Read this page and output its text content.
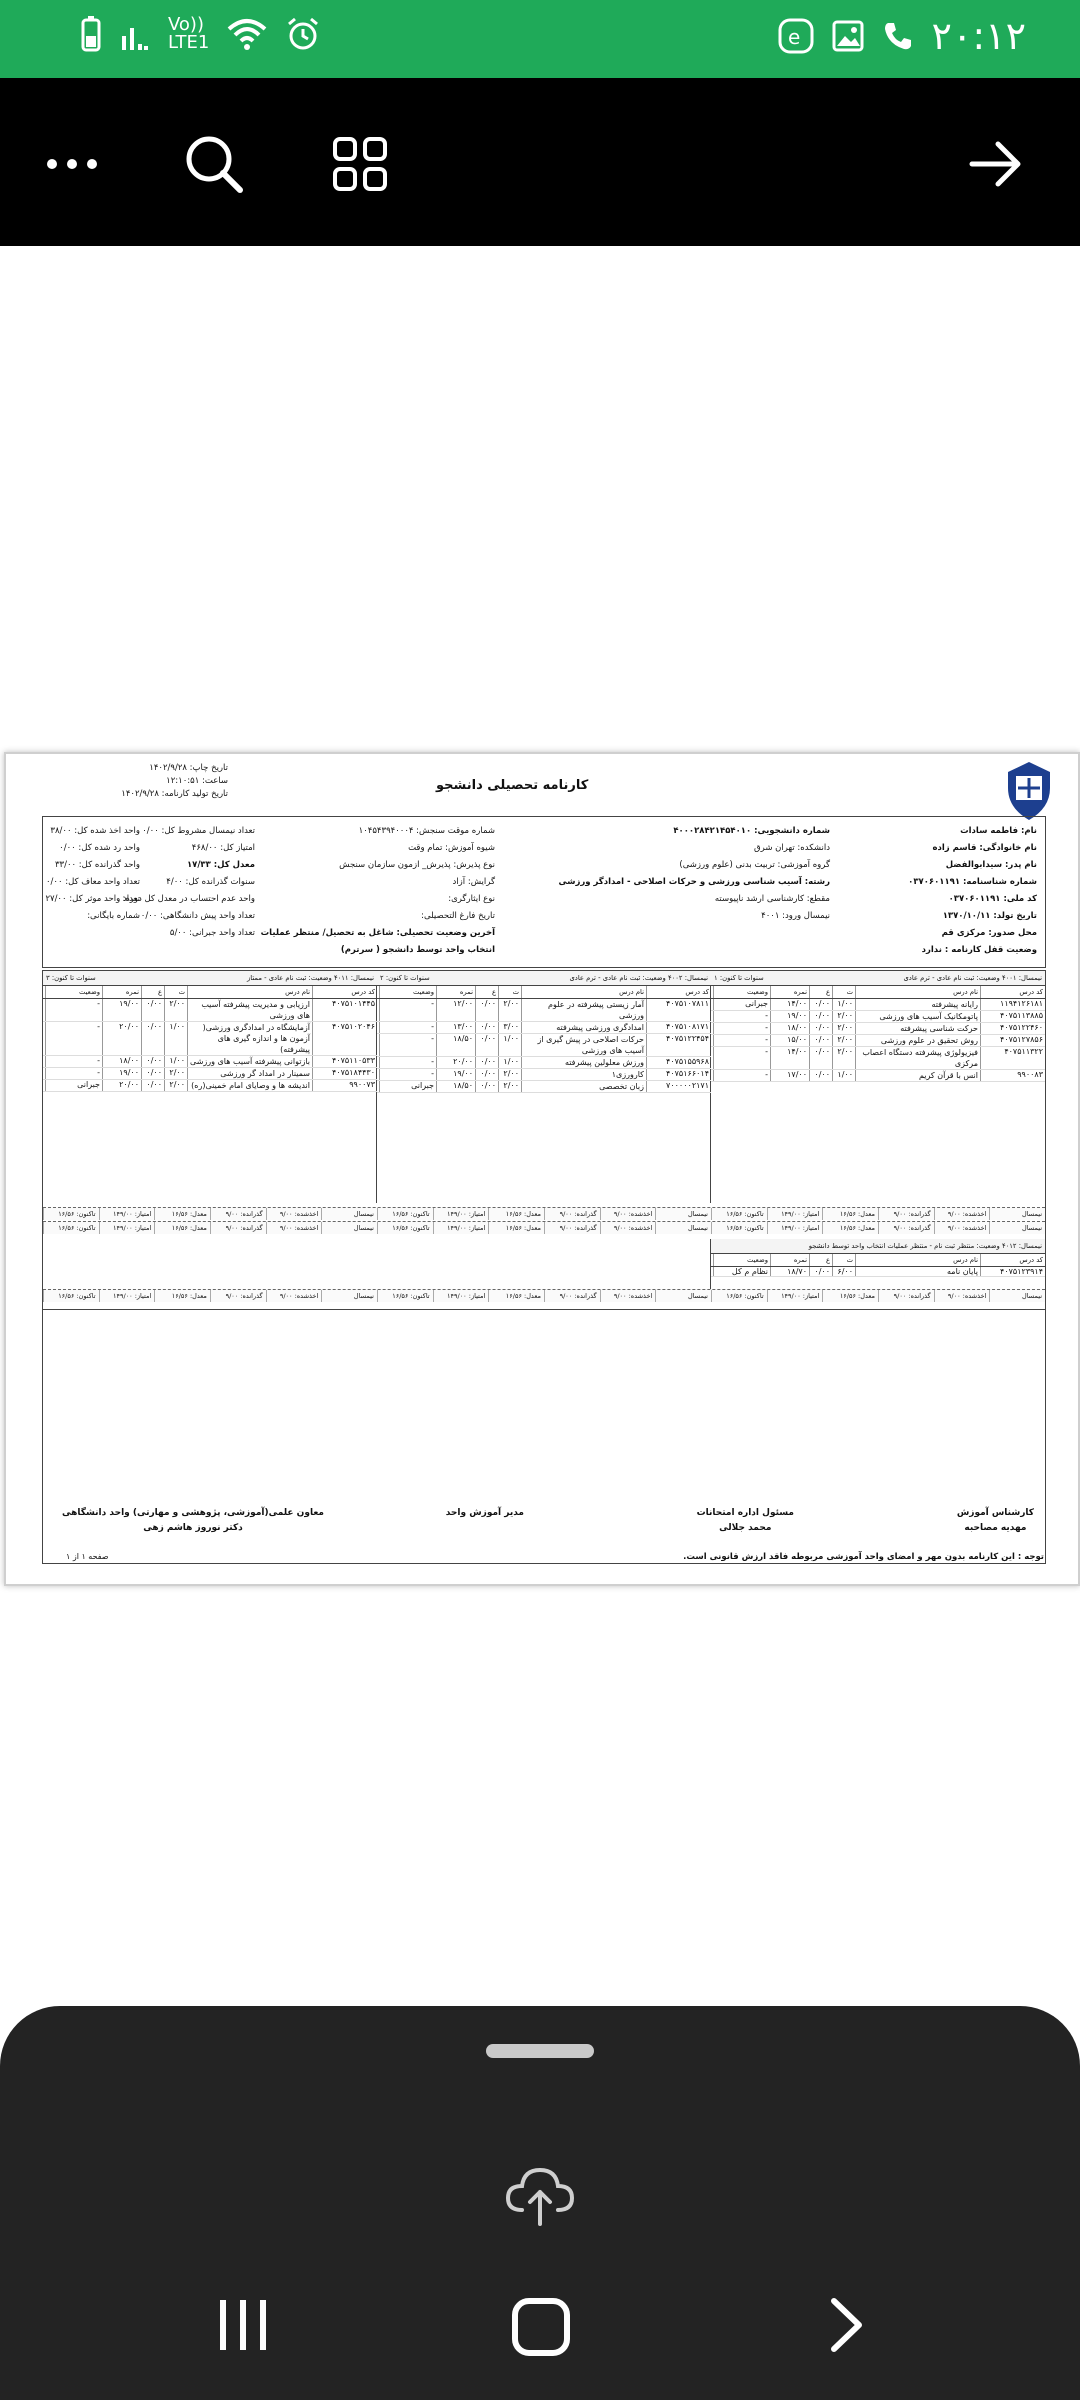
Vo))
LTE1	e	۲۰:۱۲
کارنامه تحصیلی دانشجو
تاریخ چاپ: ۱۴۰۲/۹/۲۸
ساعت: ۱۲:۱۰:۵۱
تاریخ تولید کارنامه: ۱۴۰۲/۹/۲۸
نام: فاطمه سادات
نام خانوادگی: قاسم زاده
نام پدر: سیدابوالفضل
شماره شناسنامه: ۰۳۷۰۶۰۱۱۹۱
کد ملی: ۰۳۷۰۶۰۱۱۹۱
تاریخ تولد: ۱۳۷۰/۱۰/۱۱
محل صدور: مرکزی قم
وضعیت قفل کارنامه : ندارد
شماره دانشجویی: ۴۰۰۰۲۸۴۲۱۴۵۴۰۱۰
دانشکده: تهران شرق
گروه آموزشی: تربیت بدنی (علوم ورزشی)
رشته: آسیب شناسی ورزشی و حرکات اصلاحی - امدادگر ورزشی
مقطع: کارشناسی ارشد ناپیوسته
نیمسال ورود: ۴۰۰۱
شماره موقت سنجش: ۱۰۴۵۴۳۹۴۰۰۰۴
شیوه آموزش: تمام وقت
نوع پذیرش: پذیرش_ ازمون سازمان سنجش
گرایش: آزاد
نوع ایثارگری:
تاریخ فارغ التحصیلی:
آخرین وضعیت تحصیلی: شاغل به تحصیل/ منتظر عملیات
انتخاب واحد توسط دانشجو ( سرترم)
تعداد نیمسال مشروط کل: ۰/۰۰
امتیاز کل: ۴۶۸/۰۰
معدل کل: ۱۷/۳۳
سنوات گذرانده کل: ۴/۰۰
واحد عدم احتساب در معدل کل دوره:
تعداد واحد پیش دانشگاهی: ۰/۰۰
تعداد واحد جبرانی: ۵/۰۰
واحد اخذ شده کل: ۳۸/۰۰
واحد رد شده کل: ۰/۰۰
واحد گذرانده کل: ۳۳/۰۰
تعداد واحد معاف کل: ۰/۰۰
تعداد واحد موثر کل: ۲۷/۰۰
شماره بایگانی:
نیمسال: ۴۰۰۱ وضعیت: ثبت نام عادی - ترم عادی
سنوات تا کنون: ۱
کد درس
نام درس
ت
ع
نمره
وضعیت
۱۱۹۴۱۲۶۱۸۱
رایانه پیشرفته
۱/۰۰
۰/۰۰
۱۴/۰۰
جبرانی
۴۰۷۵۱۱۳۸۸۵
پاتومکانیک آسیب های ورزشی
۲/۰۰
۰/۰۰
۱۹/۰۰
-
۴۰۷۵۱۲۲۴۶۰
حرکت شناسی پیشرفته
۲/۰۰
۰/۰۰
۱۸/۰۰
-
۴۰۷۵۱۲۷۸۵۶
روش تحقیق در علوم ورزشی
۲/۰۰
۰/۰۰
۱۵/۰۰
-
۴۰۷۵۱۱۳۲۲
فیزیولوژی پیشرفته دستگاه اعصاب مرکزی
۲/۰۰
۰/۰۰
۱۴/۰۰
-
۹۹۰۰۸۳
انس با قرآن کریم
۱/۰۰
۰/۰۰
۱۷/۰۰
-
نیمسال: ۴۰۰۲ وضعیت: ثبت نام عادی - ترم عادی
سنوات تا کنون: ۲
کد درس
نام درس
ت
ع
نمره
وضعیت
۴۰۷۵۱۰۷۸۱۱
آمار زیستی پیشرفته در علوم ورزشی
۲/۰۰
۰/۰۰
۱۲/۰۰
-
۴۰۷۵۱۰۸۱۷۱
امدادگری ورزشی پیشرفته
۳/۰۰
۰/۰۰
۱۳/۰۰
-
۴۰۷۵۱۲۲۴۵۴
حرکات اصلاحی در پیش گیری از آسیب های ورزشی
۱/۰۰
۰/۰۰
۱۸/۵۰
-
۴۰۷۵۱۵۵۹۶۸
ورزش معلولین پیشرفته
۱/۰۰
۰/۰۰
۲۰/۰۰
-
۴۰۷۵۱۶۶۰۱۴
کارورزی۱
۲/۰۰
۰/۰۰
۱۹/۰۰
-
۷۰۰۰۰۰۲۱۷۱
زبان تخصصی
۲/۰۰
۰/۰۰
۱۸/۵۰
جبرانی
نیمسال: ۴۰۱۱ وضعیت: ثبت نام عادی - ممتاز
سنوات تا کنون: ۳
کد درس
نام درس
ت
ع
نمره
وضعیت
۴۰۷۵۱۰۱۴۴۵
ارزیابی و مدیریت پیشرفته آسیب های ورزشی
۲/۰۰
۰/۰۰
۱۹/۰۰
-
۴۰۷۵۱۰۲۰۴۶
آزمایشگاه در امدادگری ورزشی( آزمون ها و اندازه گیری های پیشرفته)
۱/۰۰
۰/۰۰
۲۰/۰۰
-
۴۰۷۵۱۱۰۵۳۳
بازتوانی پیشرفته آسیب های ورزشی
۱/۰۰
۰/۰۰
۱۸/۰۰
-
۴۰۷۵۱۸۴۴۳۰
سمینار در امداد گر ورزشی
۲/۰۰
۰/۰۰
۱۹/۰۰
-
۹۹۰۰۷۳
اندیشه ها و وصایای امام خمینی(ره)
۲/۰۰
۰/۰۰
۲۰/۰۰
جبرانی
نیمسال
اخذشده: ۹/۰۰
گذرانده: ۹/۰۰
معدل: ۱۶/۵۶
امتیاز: ۱۴۹/۰۰
تاکنون: ۱۶/۵۶
نیمسال
اخذشده: ۹/۰۰
گذرانده: ۹/۰۰
معدل: ۱۶/۵۶
امتیاز: ۱۴۹/۰۰
تاکنون: ۱۶/۵۶
نیمسال
اخذشده: ۹/۰۰
گذرانده: ۹/۰۰
معدل: ۱۶/۵۶
امتیاز: ۱۴۹/۰۰
تاکنون: ۱۶/۵۶
نیمسال
اخذشده: ۹/۰۰
گذرانده: ۹/۰۰
معدل: ۱۶/۵۶
امتیاز: ۱۴۹/۰۰
تاکنون: ۱۶/۵۶
نیمسال
اخذشده: ۹/۰۰
گذرانده: ۹/۰۰
معدل: ۱۶/۵۶
امتیاز: ۱۴۹/۰۰
تاکنون: ۱۶/۵۶
نیمسال
اخذشده: ۹/۰۰
گذرانده: ۹/۰۰
معدل: ۱۶/۵۶
امتیاز: ۱۴۹/۰۰
تاکنون: ۱۶/۵۶
نیمسال: ۴۰۱۲ وضعیت: منتظر ثبت نام - منتظر عملیات انتخاب واحد توسط دانشجو
کد درس
نام درس
ت
ع
نمره
وضعیت
۴۰۷۵۱۲۳۹۱۴
پایان نامه
۶/۰۰
۰/۰۰
۱۸/۷۰
نظام م کل
نیمسال
اخذشده: ۹/۰۰
گذرانده: ۹/۰۰
معدل: ۱۶/۵۶
امتیاز: ۱۴۹/۰۰
تاکنون: ۱۶/۵۶
نیمسال
اخذشده: ۹/۰۰
گذرانده: ۹/۰۰
معدل: ۱۶/۵۶
امتیاز: ۱۴۹/۰۰
تاکنون: ۱۶/۵۶
نیمسال
اخذشده: ۹/۰۰
گذرانده: ۹/۰۰
معدل: ۱۶/۵۶
امتیاز: ۱۴۹/۰۰
تاکنون: ۱۶/۵۶
کارشناس آموزش
مهدیه مصاحبه
مسئول اداره امتحانات
محمد جلالی
مدیر آموزش واحد
معاون علمی(آموزشی، پژوهشی و مهارتی) واحد دانشگاهی
دکتر نوروز هاشم زهی
توجه : این کارنامه بدون مهر و امضای واحد آموزشی مربوطه فاقد ارزش قانونی است.
صفحه ۱ از ۱
